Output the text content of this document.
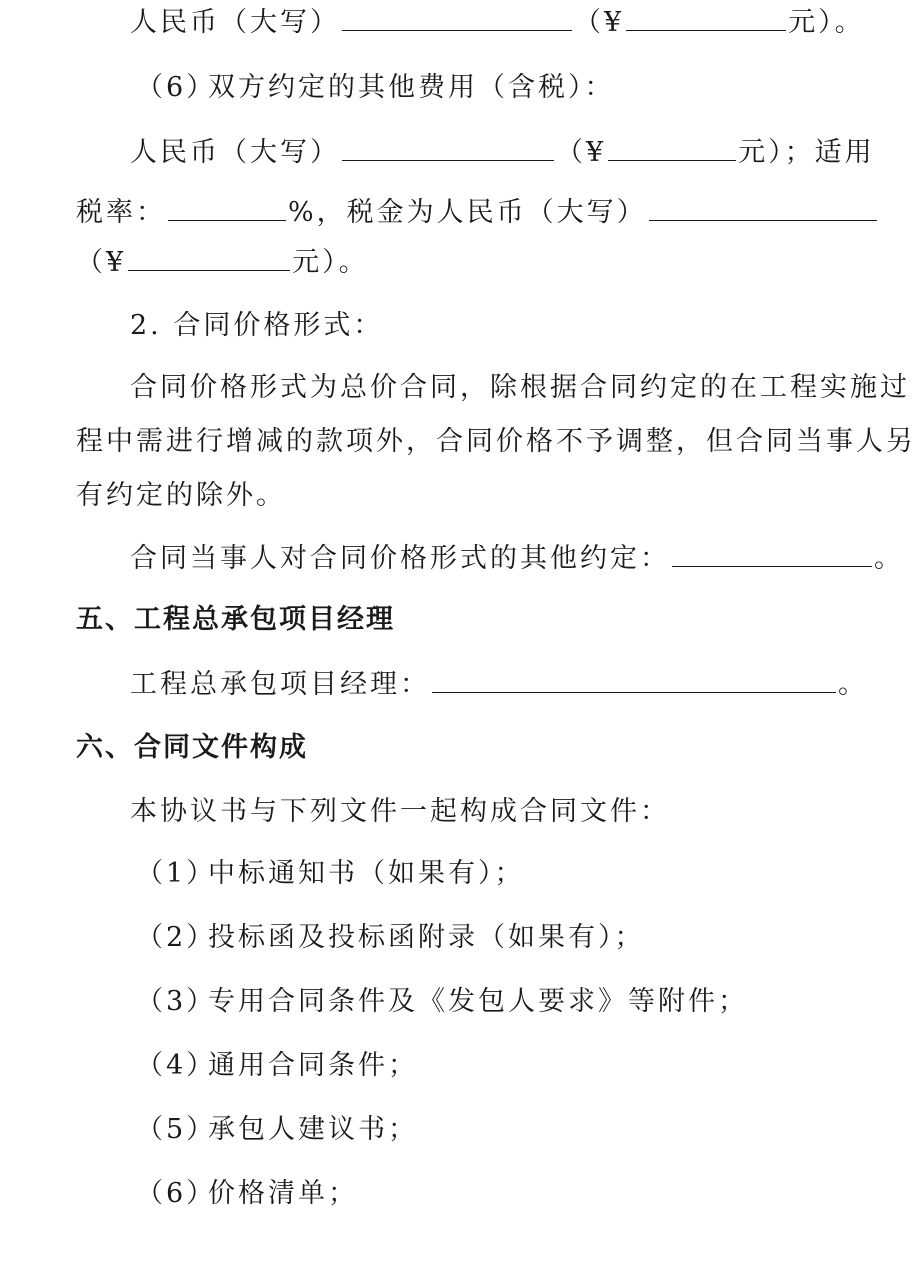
人民币（大写）	（¥	元）。
（6）双方约定的其他费用（含税）：
人民币（大写）	（¥	元）；适用
税率：	%，税金为人民币（大写）
（¥	元）。
2. 合同价格形式：
合同价格形式为总价合同，除根据合同约定的在工程实施过
程中需进行增减的款项外，合同价格不予调整，但合同当事人另
有约定的除外。
合同当事人对合同价格形式的其他约定：	。
五、工程总承包项目经理
工程总承包项目经理：	。
六、合同文件构成
本协议书与下列文件一起构成合同文件：
（1）中标通知书（如果有）；
（2）投标函及投标函附录（如果有）；
（3）专用合同条件及《发包人要求》等附件；
（4）通用合同条件；
（5）承包人建议书；
（6）价格清单；
